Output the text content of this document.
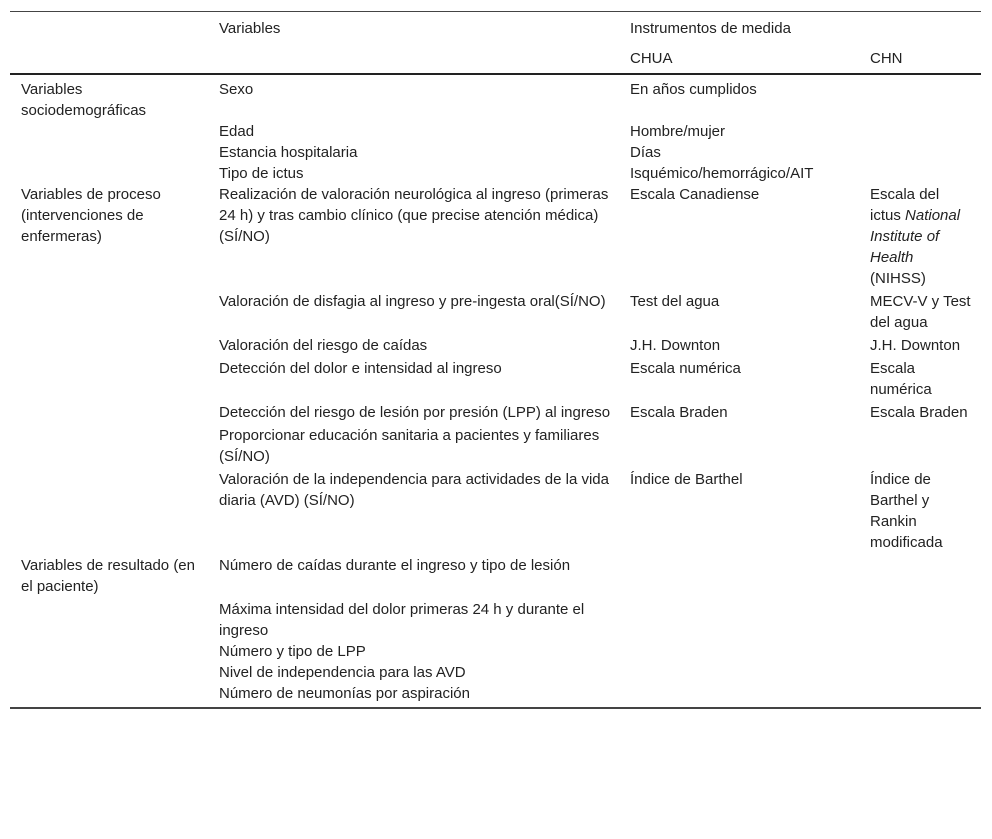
	Variables	Instrumentos de medida	
		CHUA	CHN
Variables sociodemográficas	Sexo	En años cumplidos	
	Edad	Hombre/mujer	
	Estancia hospitalaria	Días	
	Tipo de ictus	Isquémico/hemorrágico/AIT	
Variables de proceso (intervenciones de enfermeras)	Realización de valoración neurológica al ingreso (primeras 24 h) y tras cambio clínico (que precise atención médica)(SÍ/NO)	Escala Canadiense	Escala del ictus National Institute of Health (NIHSS)
	Valoración de disfagia al ingreso y pre-ingesta oral(SÍ/NO)	Test del agua	MECV-V y Test del agua
	Valoración del riesgo de caídas	J.H. Downton	J.H. Downton
	Detección del dolor e intensidad al ingreso	Escala numérica	Escala numérica
	Detección del riesgo de lesión por presión (LPP) al ingreso	Escala Braden	Escala Braden
	Proporcionar educación sanitaria a pacientes y familiares (SÍ/NO)		
	Valoración de la independencia para actividades de la vida diaria (AVD) (SÍ/NO)	Índice de Barthel	Índice de Barthel y Rankin modificada
Variables de resultado (en el paciente)	Número de caídas durante el ingreso y tipo de lesión		
	Máxima intensidad del dolor primeras 24 h y durante el ingreso		
	Número y tipo de LPP		
	Nivel de independencia para las AVD		
	Número de neumonías por aspiración		
